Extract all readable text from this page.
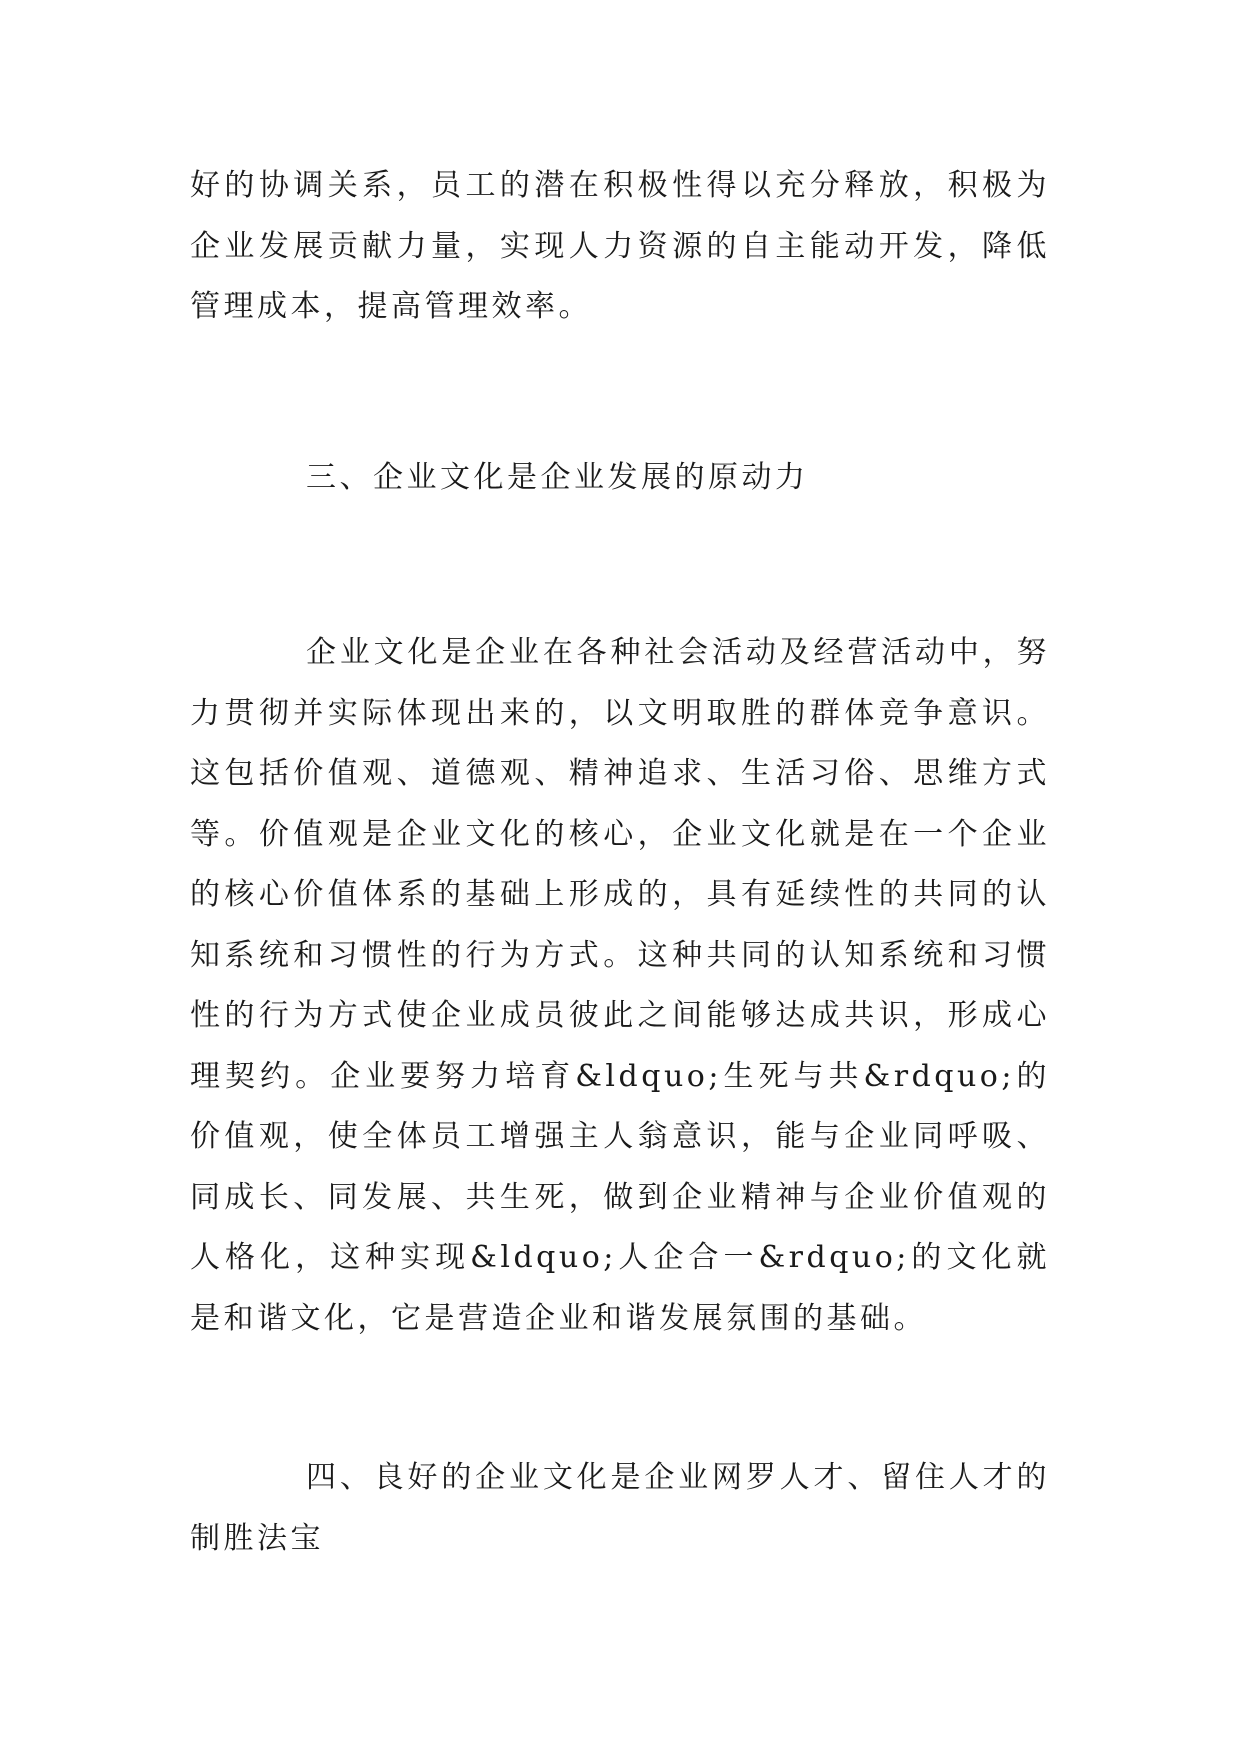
好的协调关系，员工的潜在积极性得以充分释放，积极为企业发展贡献力量，实现人力资源的自主能动开发，降低管理成本，提高管理效率。

三、企业文化是企业发展的原动力

企业文化是企业在各种社会活动及经营活动中，努力贯彻并实际体现出来的，以文明取胜的群体竞争意识。这包括价值观、道德观、精神追求、生活习俗、思维方式等。价值观是企业文化的核心，企业文化就是在一个企业的核心价值体系的基础上形成的，具有延续性的共同的认知系统和习惯性的行为方式。这种共同的认知系统和习惯性的行为方式使企业成员彼此之间能够达成共识，形成心理契约。企业要努力培育&ldquo;生死与共&rdquo;的价值观，使全体员工增强主人翁意识，能与企业同呼吸、同成长、同发展、共生死，做到企业精神与企业价值观的人格化，这种实现&ldquo;人企合一&rdquo;的文化就是和谐文化，它是营造企业和谐发展氛围的基础。

四、良好的企业文化是企业网罗人才、留住人才的制胜法宝
